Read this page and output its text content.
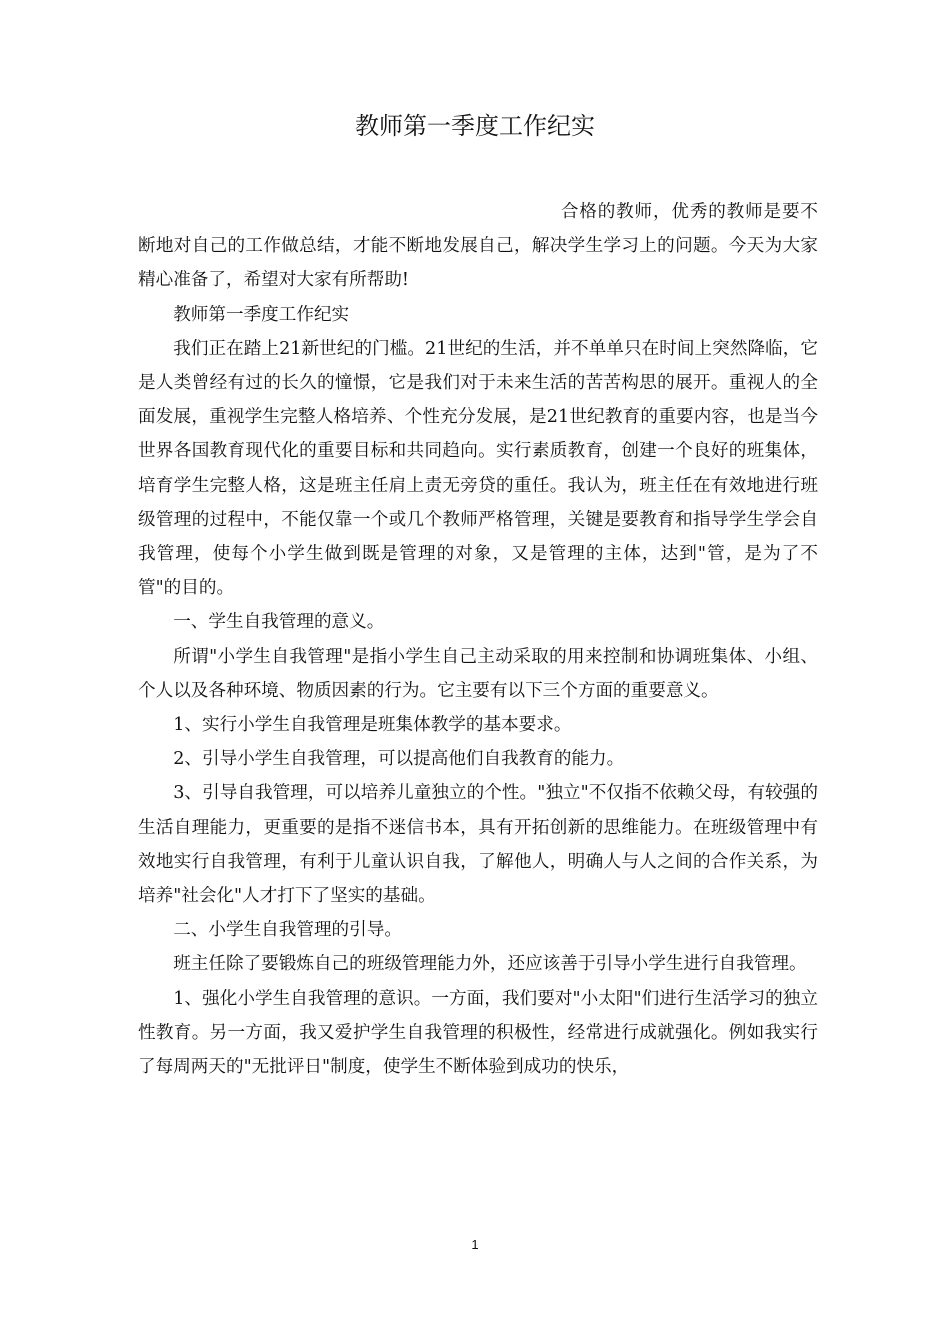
教师第一季度工作纪实

合格的教师，优秀的教师是要不断地对自己的工作做总结，才能不断地发展自己，解决学生学习上的问题。今天为大家精心准备了，希望对大家有所帮助!

教师第一季度工作纪实

我们正在踏上21新世纪的门槛。21世纪的生活，并不单单只在时间上突然降临，它是人类曾经有过的长久的憧憬，它是我们对于未来生活的苦苦构思的展开。重视人的全面发展，重视学生完整人格培养、个性充分发展，是21世纪教育的重要内容，也是当今世界各国教育现代化的重要目标和共同趋向。实行素质教育，创建一个良好的班集体，培育学生完整人格，这是班主任肩上责无旁贷的重任。我认为，班主任在有效地进行班级管理的过程中，不能仅靠一个或几个教师严格管理，关键是要教育和指导学生学会自我管理，使每个小学生做到既是管理的对象，又是管理的主体，达到"管，是为了不管"的目的。

一、学生自我管理的意义。

所谓"小学生自我管理"是指小学生自己主动采取的用来控制和协调班集体、小组、个人以及各种环境、物质因素的行为。它主要有以下三个方面的重要意义。

1、实行小学生自我管理是班集体教学的基本要求。

2、引导小学生自我管理，可以提高他们自我教育的能力。

3、引导自我管理，可以培养儿童独立的个性。"独立"不仅指不依赖父母，有较强的生活自理能力，更重要的是指不迷信书本，具有开拓创新的思维能力。在班级管理中有效地实行自我管理，有利于儿童认识自我，了解他人，明确人与人之间的合作关系，为培养"社会化"人才打下了坚实的基础。

二、小学生自我管理的引导。

班主任除了要锻炼自己的班级管理能力外，还应该善于引导小学生进行自我管理。

1、强化小学生自我管理的意识。一方面，我们要对"小太阳"们进行生活学习的独立性教育。另一方面，我又爱护学生自我管理的积极性，经常进行成就强化。例如我实行了每周两天的"无批评日"制度，使学生不断体验到成功的快乐，

1
